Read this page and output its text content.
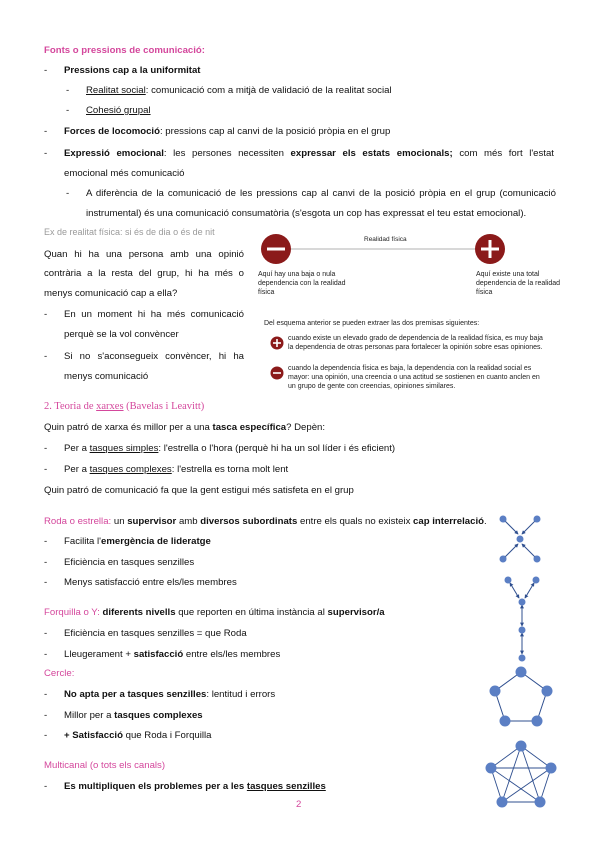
Fonts o pressions de comunicació:
- Pressions cap a la uniformitat
- Realitat social: comunicació com a mitjà de validació de la realitat social
- Cohesió grupal
- Forces de locomoció: pressions cap al canvi de la posició pròpia en el grup
- Expressió emocional: les persones necessiten expressar els estats emocionals; com més fort l'estat
emocional més comunicació
- A diferència de la comunicació de les pressions cap al canvi de la posició pròpia en el grup (comunicació
instrumental) és una comunicació consumatòria (s'esgota un cop has expressat el teu estat emocional).
Ex de realitat física: si és de dia o és de nit
Quan hi ha una persona amb una opinió
contrària a la resta del grup, hi ha més o
menys comunicació cap a ella?
- En un moment hi ha més comunicació
perquè se la vol convèncer
- Si no s'aconsegueix convèncer, hi ha
menys comunicació
Realidad física
Aquí hay una baja o nula dependencia con la realidad física
Aquí existe una total dependencia de la realidad física
Del esquema anterior se pueden extraer las dos premisas siguientes:
cuando existe un elevado grado de dependencia de la realidad física, es muy baja la dependencia de otras personas para fortalecer la opinión sobre esas opiniones.
cuando la dependencia física es baja, la dependencia con la realidad social es mayor: una opinión, una creencia o una actitud se sostienen en cuanto anclen en un grupo de gente con creencias, opiniones similares.
2. Teoria de xarxes (Bavelas i Leavitt)
Quin patró de xarxa és millor per a una tasca específica? Depèn:
- Per a tasques simples: l'estrella o l'hora (perquè hi ha un sol líder i és eficient)
- Per a tasques complexes: l'estrella es torna molt lent
Quin patró de comunicació fa que la gent estigui més satisfeta en el grup
Roda o estrella: un supervisor amb diversos subordinats entre els quals no existeix cap interrelació.
- Facilita l'emergència de lideratge
- Eficiència en tasques senzilles
- Menys satisfacció entre els/les membres
Forquilla o Y: diferents nivells que reporten en última instància al supervisor/a
- Eficiència en tasques senzilles = que Roda
- Lleugerament + satisfacció entre els/les membres
Cercle:
- No apta per a tasques senzilles: lentitud i errors
- Millor per a tasques complexes
- + Satisfacció que Roda i Forquilla
Multicanal (o tots els canals)
- Es multipliquen els problemes per a les tasques senzilles
2
